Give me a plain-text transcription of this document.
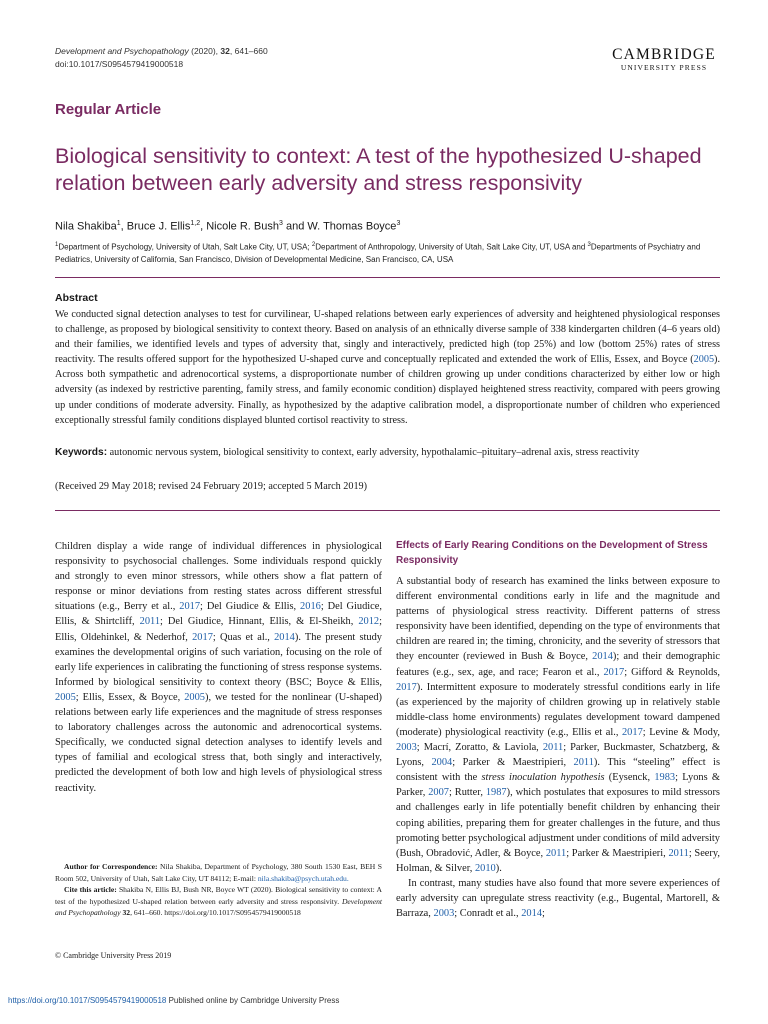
Development and Psychopathology (2020), 32, 641–660
doi:10.1017/S0954579419000518
CAMBRIDGE
UNIVERSITY PRESS
Regular Article
Biological sensitivity to context: A test of the hypothesized U-shaped relation between early adversity and stress responsivity
Nila Shakiba$^1$, Bruce J. Ellis$^{1,2}$, Nicole R. Bush$^3$ and W. Thomas Boyce$^3$
$^1$Department of Psychology, University of Utah, Salt Lake City, UT, USA; $^2$Department of Anthropology, University of Utah, Salt Lake City, UT, USA and $^3$Departments of Psychiatry and Pediatrics, University of California, San Francisco, Division of Developmental Medicine, San Francisco, CA, USA
Abstract
We conducted signal detection analyses to test for curvilinear, U-shaped relations between early experiences of adversity and heightened physiological responses to challenge, as proposed by biological sensitivity to context theory. Based on analysis of an ethnically diverse sample of 338 kindergarten children (4–6 years old) and their families, we identified levels and types of adversity that, singly and interactively, predicted high (top 25%) and low (bottom 25%) rates of stress reactivity. The results offered support for the hypothesized U-shaped curve and conceptually replicated and extended the work of Ellis, Essex, and Boyce (2005). Across both sympathetic and adrenocortical systems, a disproportionate number of children growing up under conditions characterized by either low or high adversity (as indexed by restrictive parenting, family stress, and family economic condition) displayed heightened stress reactivity, compared with peers growing up under conditions of moderate adversity. Finally, as hypothesized by the adaptive calibration model, a disproportionate number of children who experienced exceptionally stressful family conditions displayed blunted cortisol reactivity to stress.
Keywords: autonomic nervous system, biological sensitivity to context, early adversity, hypothalamic–pituitary–adrenal axis, stress reactivity
(Received 29 May 2018; revised 24 February 2019; accepted 5 March 2019)
Children display a wide range of individual differences in physiological responsivity to psychosocial challenges. Some individuals respond quickly and strongly to even minor stressors, while others show a flat pattern of response or minor deviations from resting states across different stressful situations (e.g., Berry et al., 2017; Del Giudice & Ellis, 2016; Del Giudice, Ellis, & Shirtcliff, 2011; Del Giudice, Hinnant, Ellis, & El-Sheikh, 2012; Ellis, Oldehinkel, & Nederhof, 2017; Quas et al., 2014). The present study examines the developmental origins of such variation, focusing on the role of early life experiences in calibrating the functioning of stress response systems. Informed by biological sensitivity to context theory (BSC; Boyce & Ellis, 2005; Ellis, Essex, & Boyce, 2005), we tested for the nonlinear (U-shaped) relations between early life experiences and the magnitude of stress responses to laboratory challenges across the autonomic and adrenocortical systems. Specifically, we conducted signal detection analyses to identify levels and types of familial and ecological stress that, both singly and interactively, predicted the development of both low and high levels of physiological stress reactivity.

Author for Correspondence: Nila Shakiba, Department of Psychology, 380 South 1530 East, BEH S Room 502, University of Utah, Salt Lake City, UT 84112; E-mail: nila.shakiba@psych.utah.edu.

Cite this article: Shakiba N, Ellis BJ, Bush NR, Boyce WT (2020). Biological sensitivity to context: A test of the hypothesized U-shaped relation between early adversity and stress responsivity. Development and Psychopathology 32, 641–660. https://doi.org/10.1017/S0954579419000518

© Cambridge University Press 2019
Effects of Early Rearing Conditions on the Development of Stress Responsivity

A substantial body of research has examined the links between exposure to different environmental conditions early in life and the magnitude and patterns of physiological stress reactivity. Different patterns of stress responsivity have been identified, depending on the type of environments that children are reared in; the timing, chronicity, and the severity of stressors that they encounter (reviewed in Bush & Boyce, 2014); and their demographic features (e.g., sex, age, and race; Fearon et al., 2017; Gifford & Reynolds, 2017). Intermittent exposure to moderately stressful conditions early in life (as experienced by the majority of children growing up in relatively stable middle-class home environments) regulates development toward dampened (moderate) physiological reactivity (e.g., Ellis et al., 2017; Levine & Mody, 2003; Macrí, Zoratto, & Laviola, 2011; Parker, Buckmaster, Schatzberg, & Lyons, 2004; Parker & Maestripieri, 2011). This “steeling” effect is consistent with the stress inoculation hypothesis (Eysenck, 1983; Lyons & Parker, 2007; Rutter, 1987), which postulates that exposures to mild stressors and challenges early in life potentially benefit children by enhancing their coping abilities, preparing them for greater challenges in the future, and thus promoting better psychological adjustment under conditions of mild adversity (Bush, Obradović, Adler, & Boyce, 2011; Parker & Maestripieri, 2011; Seery, Holman, & Silver, 2010).

In contrast, many studies have also found that more severe experiences of early adversity can upregulate stress reactivity (e.g., Bugental, Martorell, & Barraza, 2003; Conradt et al., 2014;

https://doi.org/10.1017/S0954579419000518 Published online by Cambridge University Press
